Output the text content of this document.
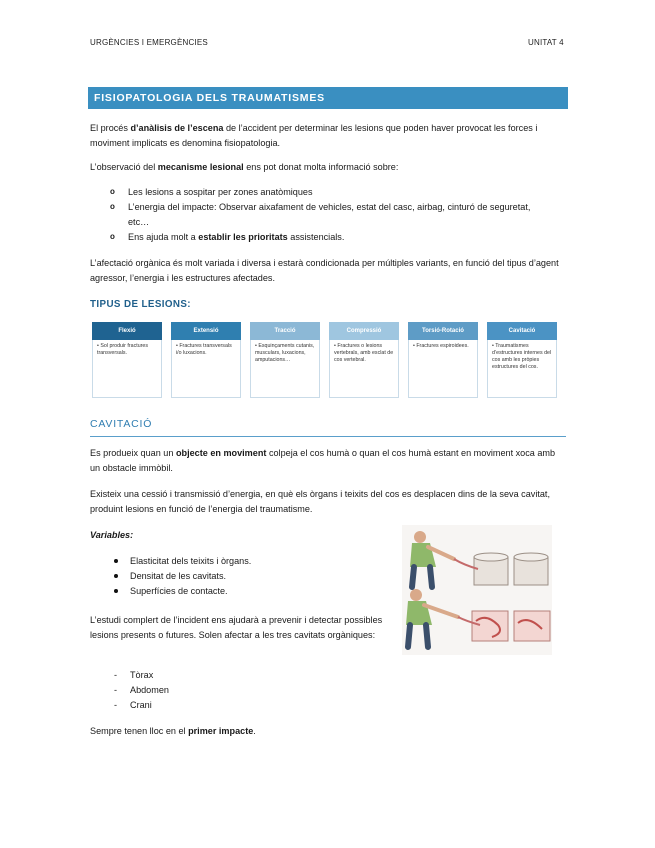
URGÈNCIES I EMERGÈNCIES	UNITAT 4
FISIOPATOLOGIA DELS TRAUMATISMES
El procés d’anàlisis de l’escena de l’accident per determinar les lesions que poden haver provocat les forces i moviment implicats es denomina fisiopatologia.
L’observació del mecanisme lesional ens pot donat molta informació sobre:
o Les lesions a sospitar per zones anatòmiques
o L’energia del impacte: Observar aixafament de vehicles, estat del casc, airbag, cinturó de seguretat, etc…
o Ens ajuda molt a establir les prioritats assistencials.
L’afectació orgànica és molt variada i diversa i estarà condicionada per múltiples variants, en funció del tipus d’agent agressor, l’energia i les estructures afectades.
TIPUS DE LESIONS:
Flexió
• Sol produir fractures transversals.
Extensió
• Fractures transversals i/o luxacions.
Tracció
• Esquinçaments cutanis, musculars, luxacions, amputacions…
Compressió
• Fractures o lesions vertebrals, amb esclat de cos vertebral.
Torsió-Rotació
• Fractures espiroidees.
Cavitació
• Traumatismes d’estructures internes del cos amb les pròpies estructures del cos.
CAVITACIÓ
Es produeix quan un objecte en moviment colpeja el cos humà o quan el cos humà estant en moviment xoca amb un obstacle immòbil.
Existeix una cessió i transmissió d’energia, en què els òrgans i teixits del cos es desplacen dins de la seva cavitat, produint lesions en funció de l’energia del traumatisme.
Variables:
Elasticitat dels teixits i òrgans.
Densitat de les cavitats.
Superfícies de contacte.
L’estudi complert de l’incident ens ajudarà a prevenir i detectar possibles lesions presents o futures. Solen afectar a les tres cavitats orgàniques:
- Tòrax
- Abdomen
- Crani
Sempre tenen lloc en el primer impacte.
